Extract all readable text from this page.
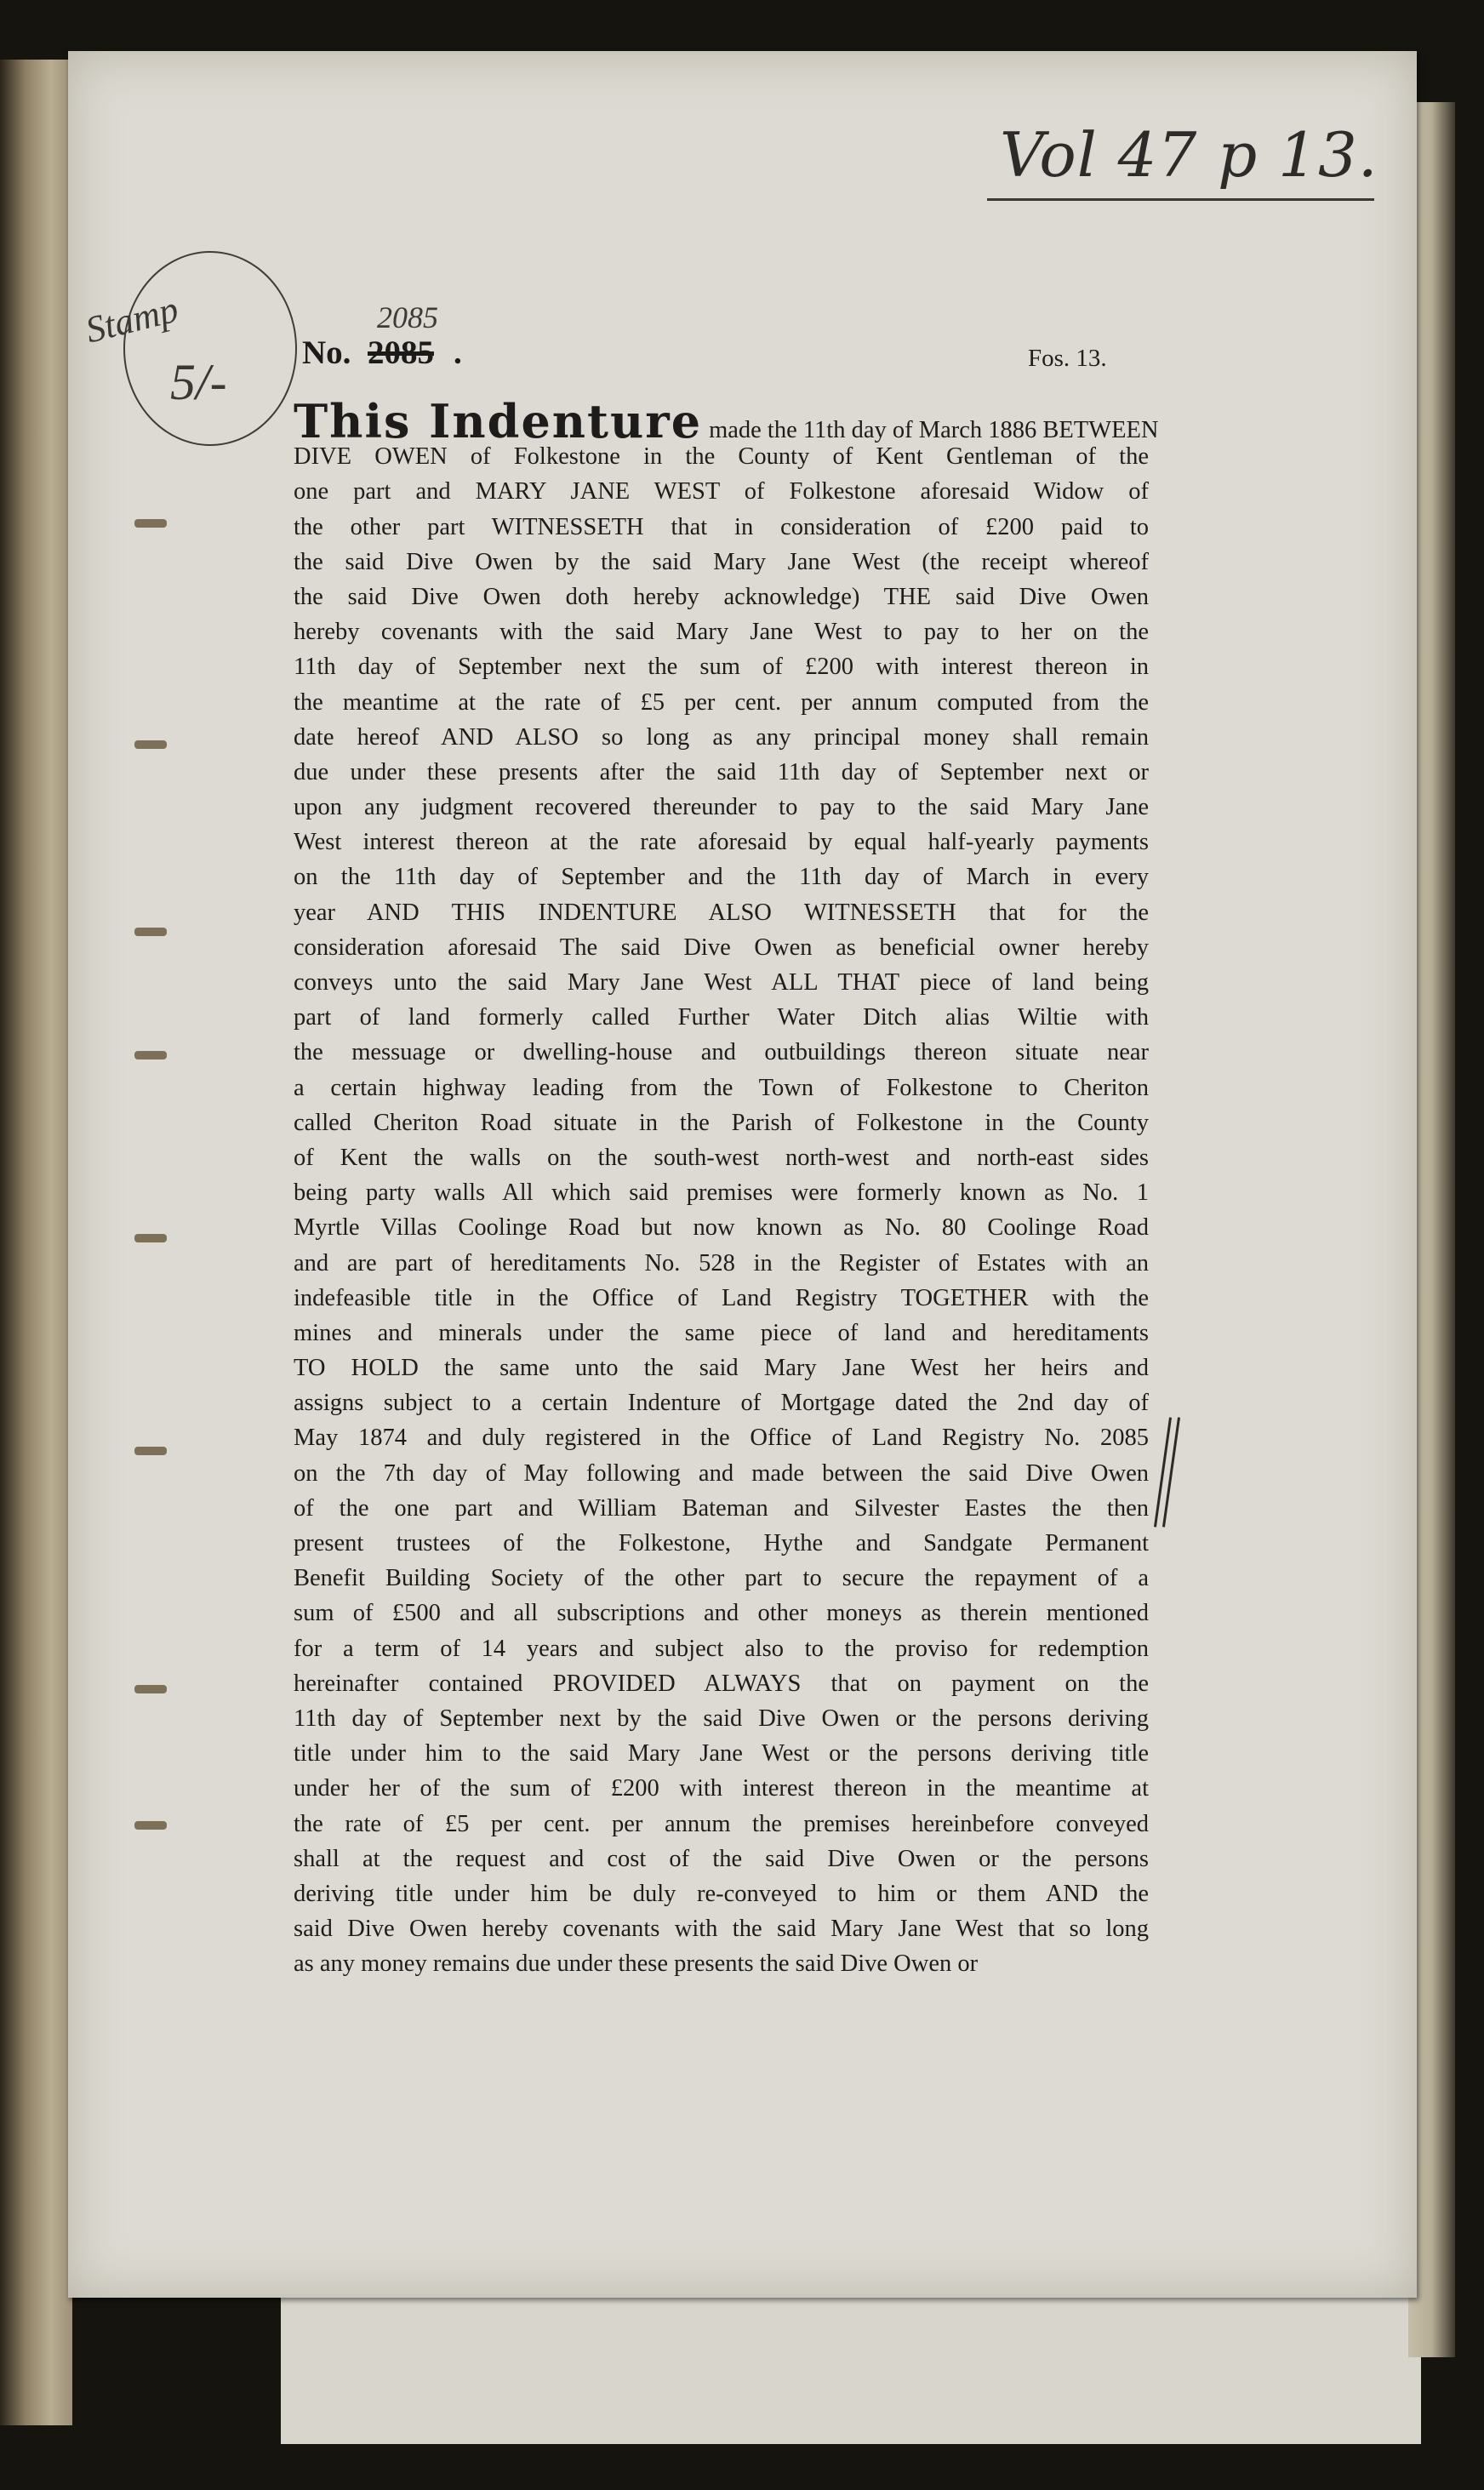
Vol 47 p 13.
Stamp
5/-
2085
No. 2085 .	Fos. 13.
This Indenture made the 11th day of March 1886 BETWEEN
DIVE OWEN of Folkestone in the County of Kent Gentleman of the
one part and MARY JANE WEST of Folkestone aforesaid Widow of
the other part WITNESSETH that in consideration of £200 paid to
the said Dive Owen by the said Mary Jane West (the receipt whereof
the said Dive Owen doth hereby acknowledge) THE said Dive Owen
hereby covenants with the said Mary Jane West to pay to her on the
11th day of September next the sum of £200 with interest thereon in
the meantime at the rate of £5 per cent. per annum computed from the
date hereof AND ALSO so long as any principal money shall remain
due under these presents after the said 11th day of September next or
upon any judgment recovered thereunder to pay to the said Mary Jane
West interest thereon at the rate aforesaid by equal half-yearly payments
on the 11th day of September and the 11th day of March in every
year AND THIS INDENTURE ALSO WITNESSETH that for the
consideration aforesaid The said Dive Owen as beneficial owner hereby
conveys unto the said Mary Jane West ALL THAT piece of land being
part of land formerly called Further Water Ditch alias Wiltie with
the messuage or dwelling-house and outbuildings thereon situate near
a certain highway leading from the Town of Folkestone to Cheriton
called Cheriton Road situate in the Parish of Folkestone in the County
of Kent the walls on the south-west north-west and north-east sides
being party walls All which said premises were formerly known as No. 1
Myrtle Villas Coolinge Road but now known as No. 80 Coolinge Road
and are part of hereditaments No. 528 in the Register of Estates with an
indefeasible title in the Office of Land Registry TOGETHER with the
mines and minerals under the same piece of land and hereditaments
TO HOLD the same unto the said Mary Jane West her heirs and
assigns subject to a certain Indenture of Mortgage dated the 2nd day of
May 1874 and duly registered in the Office of Land Registry No. 2085
on the 7th day of May following and made between the said Dive Owen
of the one part and William Bateman and Silvester Eastes the then
present trustees of the Folkestone, Hythe and Sandgate Permanent
Benefit Building Society of the other part to secure the repayment of a
sum of £500 and all subscriptions and other moneys as therein mentioned
for a term of 14 years and subject also to the proviso for redemption
hereinafter contained PROVIDED ALWAYS that on payment on the
11th day of September next by the said Dive Owen or the persons deriving
title under him to the said Mary Jane West or the persons deriving title
under her of the sum of £200 with interest thereon in the meantime at
the rate of £5 per cent. per annum the premises hereinbefore conveyed
shall at the request and cost of the said Dive Owen or the persons
deriving title under him be duly re-conveyed to him or them AND the
said Dive Owen hereby covenants with the said Mary Jane West that so long
as any money remains due under these presents the said Dive Owen or
